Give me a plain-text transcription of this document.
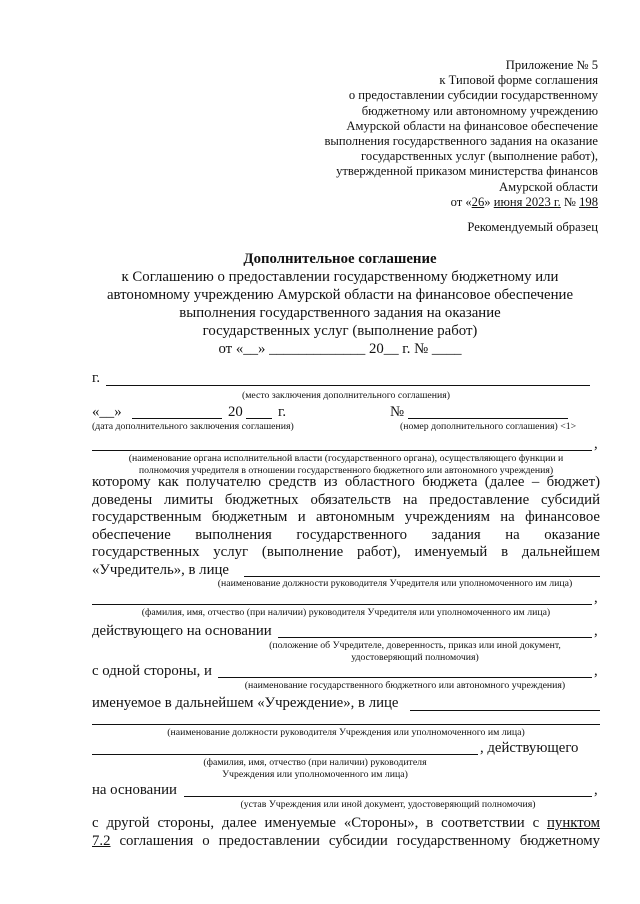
Приложение № 5
к Типовой форме соглашения
о предоставлении субсидии государственному
бюджетному или автономному учреждению
Амурской области на финансовое обеспечение
выполнения государственного задания на оказание
государственных услуг (выполнение работ),
утвержденной приказом министерства финансов
Амурской области
от «26» июня 2023 г. № 198
Рекомендуемый образец
Дополнительное соглашение
к Соглашению о предоставлении государственному бюджетному или
автономному учреждению Амурской области на финансовое обеспечение
выполнения государственного задания на оказание
государственных услуг (выполнение работ)
от «__» _____________ 20__ г. № ____
г.
(место заключения дополнительного соглашения)
«__»	20 г.	№
(дата дополнительного заключения соглашения)	(номер дополнительного соглашения) <1>
,
(наименование органа исполнительной власти (государственного органа), осуществляющего функции и
полномочия учредителя в отношении государственного бюджетного или автономного учреждения)
которому как получателю средств из областного бюджета (далее – бюджет)
доведены лимиты бюджетных обязательств на предоставление субсидий
государственным бюджетным и автономным учреждениям на финансовое
обеспечение выполнения государственного задания на оказание
государственных услуг (выполнение работ), именуемый в дальнейшем
«Учредитель», в лице
(наименование должности руководителя Учредителя или уполномоченного им лица)
,
(фамилия, имя, отчество (при наличии) руководителя Учредителя или уполномоченного им лица)
действующего на основании	,
(положение об Учредителе, доверенность, приказ или иной документ,
удостоверяющий полномочия)
с одной стороны, и	,
(наименование государственного бюджетного или автономного учреждения)
именуемое в дальнейшем «Учреждение», в лице
(наименование должности руководителя Учреждения или уполномоченного им лица)
, действующего
(фамилия, имя, отчество (при наличии) руководителя
Учреждения или уполномоченного им лица)
на основании	,
(устав Учреждения или иной документ, удостоверяющий полномочия)
с другой стороны, далее именуемые «Стороны», в соответствии с пунктом
7.2 соглашения о предоставлении субсидии государственному бюджетному
